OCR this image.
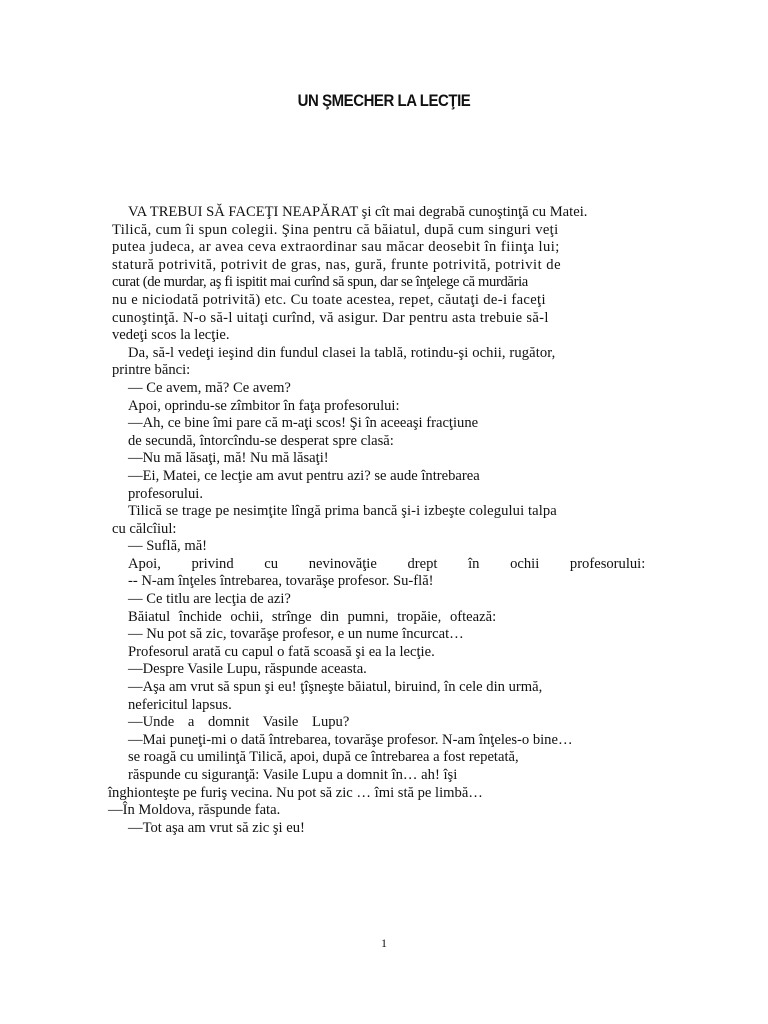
UN ŞMECHER LA LECŢIE
VA TREBUI SĂ FACEŢI NEAPĂRAT şi cît mai degrabă cunoştinţă cu Matei.
Tilică, cum îi spun colegii. Şina pentru că băiatul, după cum singuri veţi
putea judeca, ar avea ceva extraordinar sau măcar deosebit în fiinţa lui;
statură potrivită, potrivit de gras, nas, gură, frunte potrivită, potrivit de
curat (de murdar, aş fi ispitit mai curînd să spun, dar se înţelege că murdăria
nu e niciodată potrivită) etc. Cu toate acestea, repet, căutaţi de-i faceţi
cunoştinţă. N-o să-l uitaţi curînd, vă asigur. Dar pentru asta trebuie să-l
vedeţi scos la lecţie.
Da, să-l vedeţi ieşind din fundul clasei la tablă, rotindu-şi ochii, rugător,
printre bănci:
— Ce avem, mă? Ce avem?
Apoi, oprindu-se zîmbitor în faţa profesorului:
—Ah, ce bine îmi pare că m-aţi scos! Şi în aceeaşi fracţiune
de secundă, întorcîndu-se desperat spre clasă:
—Nu mă lăsaţi, mă! Nu mă lăsaţi!
—Ei, Matei, ce lecţie am avut pentru azi? se aude întrebarea
profesorului.
Tilică se trage pe nesimţite lîngă prima bancă şi-i izbeşte colegului talpa
cu călcîiul:
— Suflă, mă!
Apoi, privind cu nevinovăţie drept în ochii profesorului:
-- N-am înţeles întrebarea, tovarăşe profesor. Su-flă!
— Ce titlu are lecţia de azi?
Băiatul închide ochii, strînge din pumni, tropăie, oftează:
— Nu pot să zic, tovarăşe profesor, e un nume încurcat…
Profesorul arată cu capul o fată scoasă şi ea la lecţie.
—Despre Vasile Lupu, răspunde aceasta.
—Aşa am vrut să spun şi eu! ţîşneşte băiatul, biruind, în cele din urmă,
nefericitul lapsus.
—Unde a domnit Vasile Lupu?
—Mai puneţi-mi o dată întrebarea, tovarăşe profesor. N-am înţeles-o bine…
se roagă cu umilinţă Tilică, apoi, după ce întrebarea a fost repetată,
răspunde cu siguranţă: Vasile Lupu a domnit în… ah! îşi
înghionteşte pe furiş vecina. Nu pot să zic … îmi stă pe limbă…
—În Moldova, răspunde fata.
—Tot aşa am vrut să zic şi eu!
1
